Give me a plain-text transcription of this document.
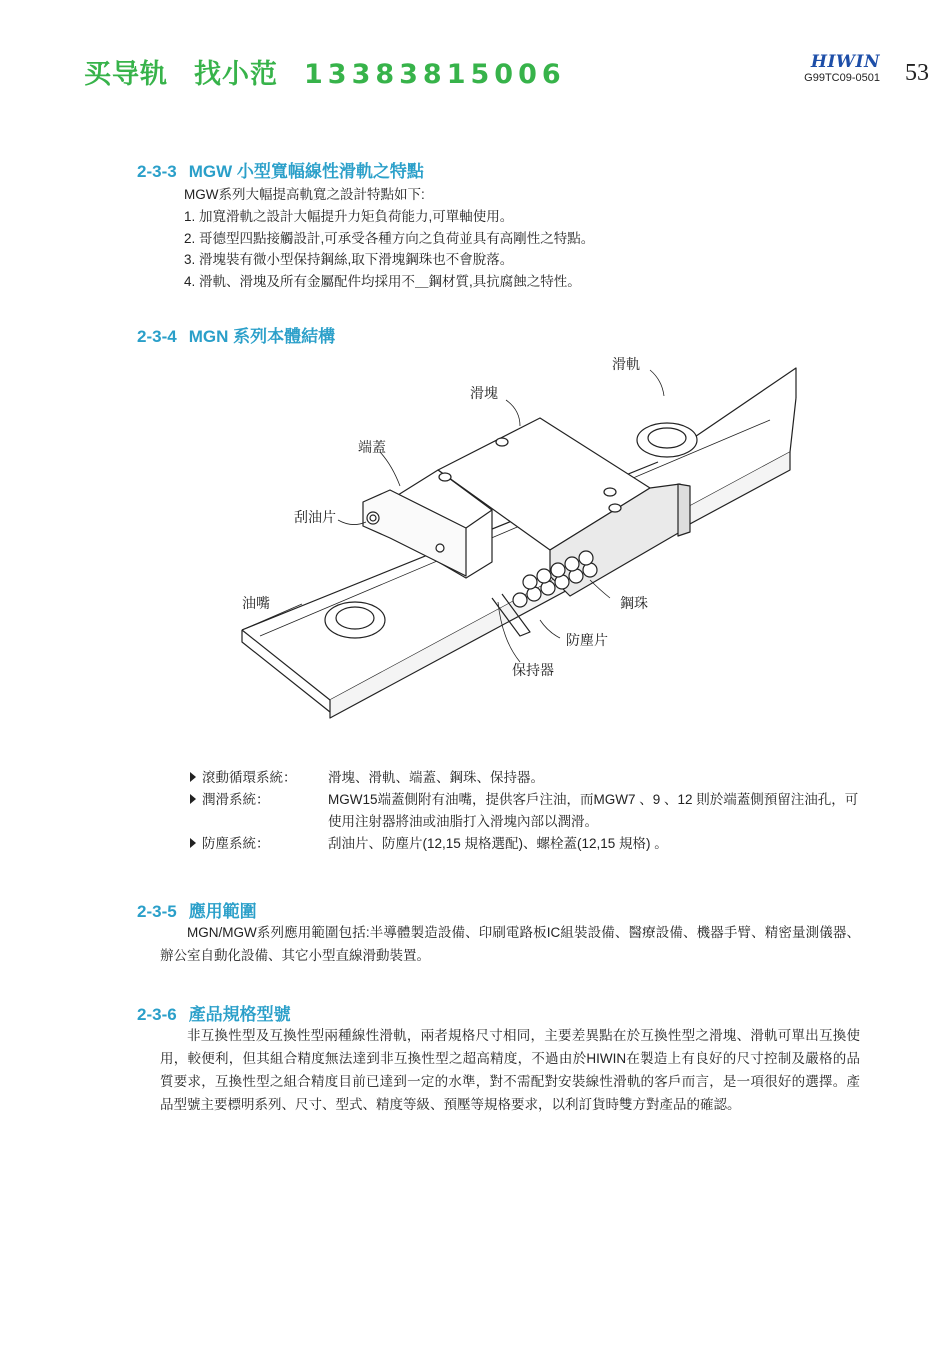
买导轨 找小范 13383815006	HIWIN
G99TC09-0501 53
2-3-3 MGW 小型寬幅線性滑軌之特點
MGW系列大幅提高軌寬之設計特點如下:
1. 加寬滑軌之設計大幅提升力矩負荷能力,可單軸使用。
2. 哥德型四點接觸設計,可承受各種方向之負荷並具有高剛性之特點。
3. 滑塊裝有微小型保持鋼絲,取下滑塊鋼珠也不會脫落。
4. 滑軌、滑塊及所有金屬配件均採用不＿鋼材質,具抗腐蝕之特性。
2-3-4 MGN 系列本體結構
滑軌
滑塊
端蓋
刮油片
油嘴	鋼珠
防塵片
保持器
滾動循環系統： 滑塊、滑軌、端蓋、鋼珠、保持器。
潤滑系統：	MGW15端蓋側附有油嘴，提供客戶注油，而MGW7 、9 、12 則於端蓋側預留注油孔，可使用注射器將油或油脂打入滑塊內部以潤滑。
防塵系統：	刮油片、防塵片(12,15 規格選配)、螺栓蓋(12,15 規格) 。
2-3-5 應用範圍
MGN/MGW系列應用範圍包括:半導體製造設備、印刷電路板IC組裝設備、醫療設備、機器手臂、精密量測儀器、辦公室自動化設備、其它小型直線滑動裝置。
2-3-6 產品規格型號
非互換性型及互換性型兩種線性滑軌，兩者規格尺寸相同，主要差異點在於互換性型之滑塊、滑軌可單出互換使用，較便利，但其組合精度無法達到非互換性型之超高精度，不過由於HIWIN在製造上有良好的尺寸控制及嚴格的品質要求，互換性型之組合精度目前已達到一定的水準，對不需配對安裝線性滑軌的客戶而言，是一項很好的選擇。產品型號主要標明系列、尺寸、型式、精度等級、預壓等規格要求，以利訂貨時雙方對產品的確認。
